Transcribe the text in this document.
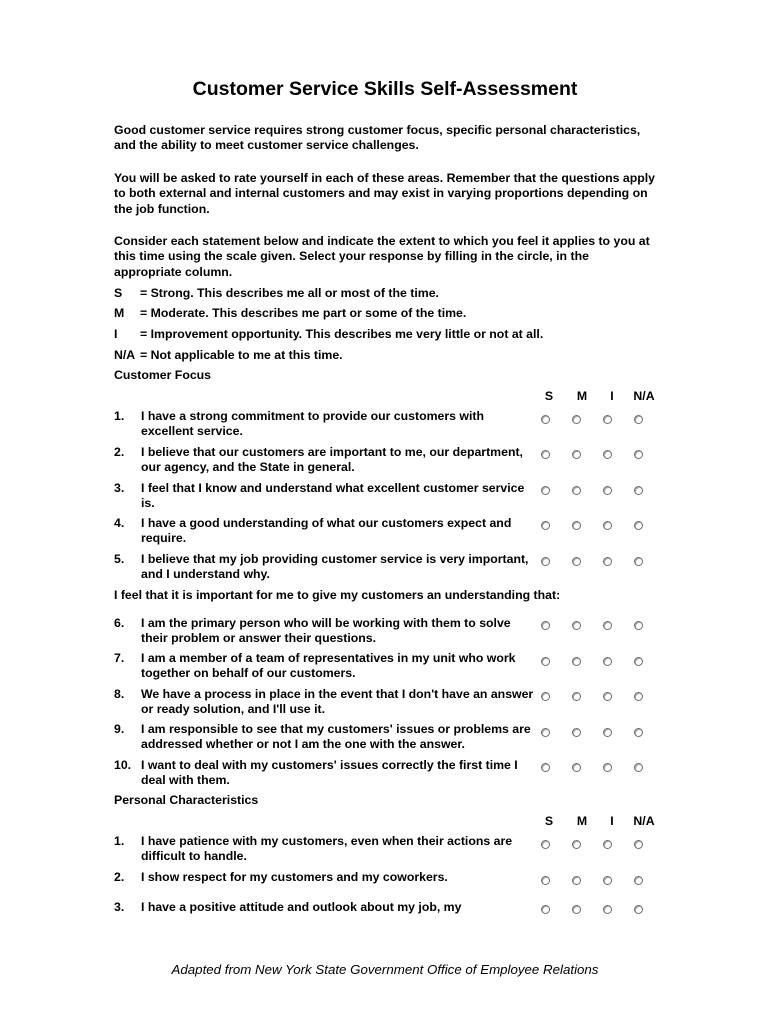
Customer Service Skills Self-Assessment

Good customer service requires strong customer focus, specific personal characteristics, and the ability to meet customer service challenges.

You will be asked to rate yourself in each of these areas. Remember that the questions apply to both external and internal customers and may exist in varying proportions depending on the job function.

Consider each statement below and indicate the extent to which you feel it applies to you at this time using the scale given. Select your response by filling in the circle, in the appropriate column.

S = Strong. This describes me all or most of the time.
M = Moderate. This describes me part or some of the time.
I = Improvement opportunity. This describes me very little or not at all.
N/A = Not applicable to me at this time.
Customer Focus
S	M	I	N/A
1. I have a strong commitment to provide our customers with excellent service.
2. I believe that our customers are important to me, our department, our agency, and the State in general.
3. I feel that I know and understand what excellent customer service is.
4. I have a good understanding of what our customers expect and require.
5. I believe that my job providing customer service is very important, and I understand why.
I feel that it is important for me to give my customers an understanding that:
6. I am the primary person who will be working with them to solve their problem or answer their questions.
7. I am a member of a team of representatives in my unit who work together on behalf of our customers.
8. We have a process in place in the event that I don't have an answer or ready solution, and I'll use it.
9. I am responsible to see that my customers' issues or problems are addressed whether or not I am the one with the answer.
10. I want to deal with my customers' issues correctly the first time I deal with them.
Personal Characteristics
S	M	I	N/A
1. I have patience with my customers, even when their actions are difficult to handle.
2. I show respect for my customers and my coworkers.
3. I have a positive attitude and outlook about my job, my

Adapted from New York State Government Office of Employee Relations
